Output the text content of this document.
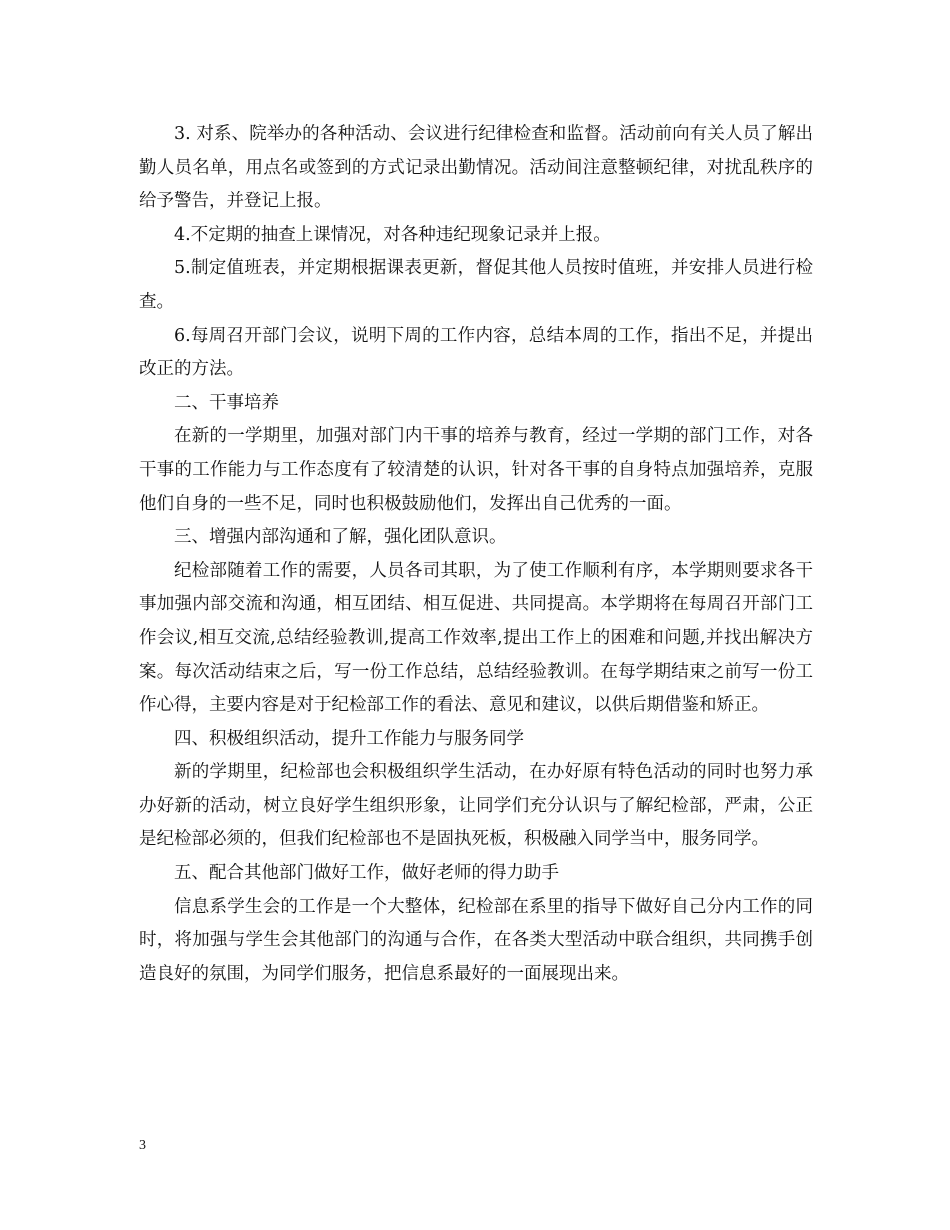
3. 对系、院举办的各种活动、会议进行纪律检查和监督。活动前向有关人员了解出勤人员名单，用点名或签到的方式记录出勤情况。活动间注意整顿纪律，对扰乱秩序的给予警告，并登记上报。

4.不定期的抽查上课情况，对各种违纪现象记录并上报。

5.制定值班表，并定期根据课表更新，督促其他人员按时值班，并安排人员进行检查。

6.每周召开部门会议，说明下周的工作内容，总结本周的工作，指出不足，并提出改正的方法。

二、干事培养

在新的一学期里，加强对部门内干事的培养与教育，经过一学期的部门工作，对各干事的工作能力与工作态度有了较清楚的认识，针对各干事的自身特点加强培养，克服他们自身的一些不足，同时也积极鼓励他们，发挥出自己优秀的一面。

三、增强内部沟通和了解，强化团队意识。

纪检部随着工作的需要，人员各司其职，为了使工作顺利有序，本学期则要求各干事加强内部交流和沟通，相互团结、相互促进、共同提高。本学期将在每周召开部门工作会议,相互交流,总结经验教训,提高工作效率,提出工作上的困难和问题,并找出解决方案。每次活动结束之后，写一份工作总结，总结经验教训。在每学期结束之前写一份工作心得，主要内容是对于纪检部工作的看法、意见和建议，以供后期借鉴和矫正。

四、积极组织活动，提升工作能力与服务同学

新的学期里，纪检部也会积极组织学生活动，在办好原有特色活动的同时也努力承办好新的活动，树立良好学生组织形象，让同学们充分认识与了解纪检部，严肃，公正是纪检部必须的，但我们纪检部也不是固执死板，积极融入同学当中，服务同学。

五、配合其他部门做好工作，做好老师的得力助手

信息系学生会的工作是一个大整体，纪检部在系里的指导下做好自己分内工作的同时，将加强与学生会其他部门的沟通与合作，在各类大型活动中联合组织，共同携手创造良好的氛围，为同学们服务，把信息系最好的一面展现出来。

3
